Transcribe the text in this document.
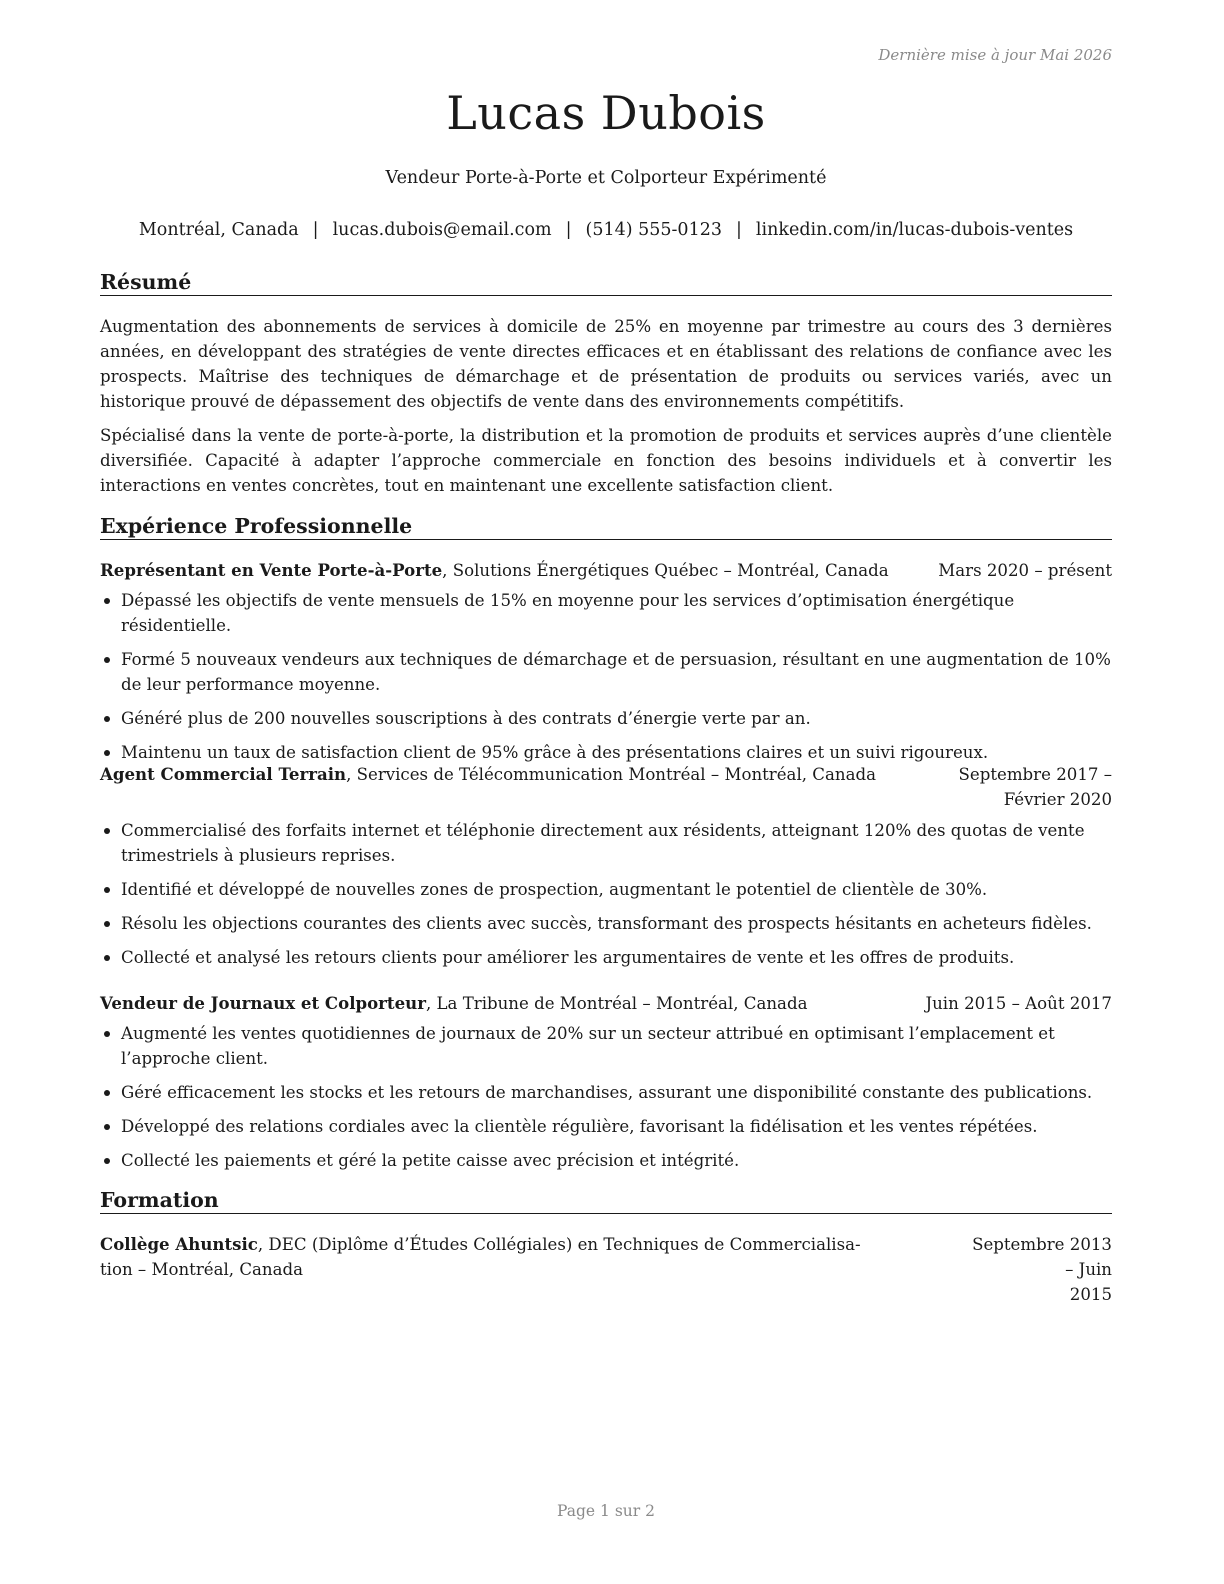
Dernière mise à jour Mai 2026
Lucas Dubois
Vendeur Porte-à-Porte et Colporteur Expérimenté
Montréal, Canada | lucas.dubois@email.com | (514) 555-0123 | linkedin.com/in/lucas-dubois-ventes
Résumé
Augmentation des abonnements de services à domicile de 25% en moyenne par trimestre au cours des 3 dernières années, en développant des stratégies de vente directes efficaces et en établissant des relations de confiance avec les prospects. Maîtrise des techniques de démarchage et de présentation de produits ou services variés, avec un historique prouvé de dépassement des objectifs de vente dans des environnements compétitifs.
Spécialisé dans la vente de porte-à-porte, la distribution et la promotion de produits et services auprès d’une clientèle diversifiée. Capacité à adapter l’approche commerciale en fonction des besoins individuels et à convertir les interactions en ventes concrètes, tout en maintenant une excellente satisfaction client.
Expérience Professionnelle
Représentant en Vente Porte-à-Porte, Solutions Énergétiques Québec – Montréal, Canada	Mars 2020 – présent
Dépassé les objectifs de vente mensuels de 15% en moyenne pour les services d’optimisation énergétique résidentielle.
Formé 5 nouveaux vendeurs aux techniques de démarchage et de persuasion, résultant en une augmentation de 10% de leur performance moyenne.
Généré plus de 200 nouvelles souscriptions à des contrats d’énergie verte par an.
Maintenu un taux de satisfaction client de 95% grâce à des présentations claires et un suivi rigoureux.
Agent Commercial Terrain, Services de Télécommunication Montréal – Montréal, Canada	Septembre 2017 – Février 2020
Commercialisé des forfaits internet et téléphonie directement aux résidents, atteignant 120% des quotas de vente trimestriels à plusieurs reprises.
Identifié et développé de nouvelles zones de prospection, augmentant le potentiel de clientèle de 30%.
Résolu les objections courantes des clients avec succès, transformant des prospects hésitants en acheteurs fidèles.
Collecté et analysé les retours clients pour améliorer les argumentaires de vente et les offres de produits.
Vendeur de Journaux et Colporteur, La Tribune de Montréal – Montréal, Canada	Juin 2015 – Août 2017
Augmenté les ventes quotidiennes de journaux de 20% sur un secteur attribué en optimisant l’emplacement et l’approche client.
Géré efficacement les stocks et les retours de marchandises, assurant une disponibilité constante des publications.
Développé des relations cordiales avec la clientèle régulière, favorisant la fidélisation et les ventes répétées.
Collecté les paiements et géré la petite caisse avec précision et intégrité.
Formation
Collège Ahuntsic, DEC (Diplôme d’Études Collégiales) en Techniques de Commercialisa-
tion – Montréal, Canada
Septembre 2013 – Juin
2015
Page 1 sur 2
